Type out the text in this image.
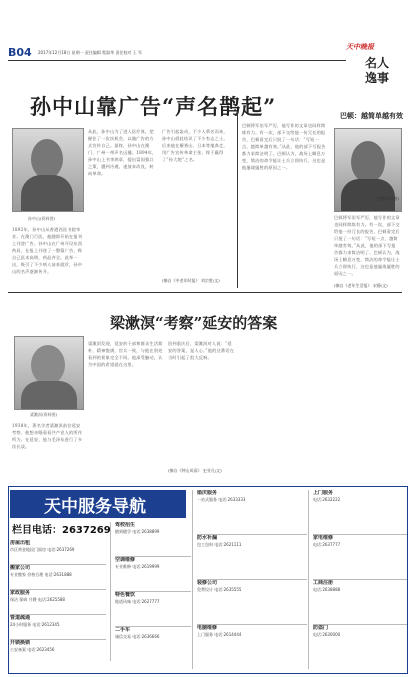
B04 2017年12月18日 星期一 责任编辑 程淑华 责任校对 王 军
天中晚报
名人逸事
孙中山靠广告“声名鹊起”
孙中山(资料图)
1892年，孙中山从香港西医书院毕业。在澳门行医，他随即开始在报刊上刊登广告。孙中山在广州开设东西药局，在报上刊登了一整篇广告，称自己医术高明，药品齐全。此举一出，吸引了不少病人前来就诊，孙中山的名声逐渐传开。
从此，孙中山为了进入医疗界，把握住了一次次机会，以做广告的方式宣传自己。最终，孙中山在澳门、广州一带声名远播。1894年，孙中山上书李鸿章，提出富国强兵之策，遭到冷遇，遂放弃改良，转向革命。
广告引起轰动，不少人慕名而来，孙中山借此结识了不少有志之士。后来他在檀香山、日本等地奔走，用广告宣传革命主张，终于赢得了“孙大炮”之名。
(摘自《中老年时报》 刘宗胜/文)
巴顿：越简单越有效
巴顿将军治军严厉，他写作的文章也同样简练有力。有一次，部下交给他一份冗长的报告，巴顿看完后只批了一句话：“写短一点，越简单越有效。”从此，他的部下写报告都力求简洁明了。巴顿认为，战场上瞬息万变，简洁的命令能让士兵立即执行，这也是他屡战屡胜的原因之一。
巴顿(资料图)
巴顿将军治军严厉，他写作的文章也同样简练有力。有一次，部下交给他一份冗长的报告，巴顿看完后只批了一句话：“写短一点，越简单越有效。”从此，他的部下写报告都力求简洁明了。巴顿认为，战场上瞬息万变，简洁的命令能让士兵立即执行，这也是他屡战屡胜的原因之一。
(摘自《老年生活报》 宋静/文)
梁漱溟“考察”延安的答案
梁漱溟(资料图)
1938年，著名学者梁漱溟前往延安考察，他想亲眼看看共产党人的所作所为。在延安，他与毛泽东进行了多次长谈。
梁漱溟发现，延安的干部和群众生活简朴，精神饱满，官兵一致，与他在别处看到的景象完全不同。他深受触动，认为中国的希望就在这里。
回到重庆后，梁漱溟对人说：“延安的答案，是人心。”他的这番话在当时引起了很大反响。
(摘自《钟山风雨》 史亚凡/文)
天中服务导航
栏目电话：2637269
房屋出租
市区黄金地段门面房 电话:2637269
搬家公司
专业搬家 价格合理 电话:2631888
家政服务
保洁 保姆 月嫂 电话:2625588
管道疏通
24小时服务 电话:2612345
开锁换锁
公安备案 电话:2623456
驾校招生
随到随学 电话:2638899
空调维修
专业维修 电话:2619999
特色餐饮
地道风味 电话:2627777
二手车
诚信交易 电话:2636666
婚庆服务
一站式服务 电话:2633333
防水补漏
包工包料 电话:2621111
装修公司
免费设计 电话:2635555
电脑维修
上门服务 电话:2614444
上门服务
电话:2632222
家电维修
电话:2637777
工商注册
电话:2638888
防盗门
电话:2630000
